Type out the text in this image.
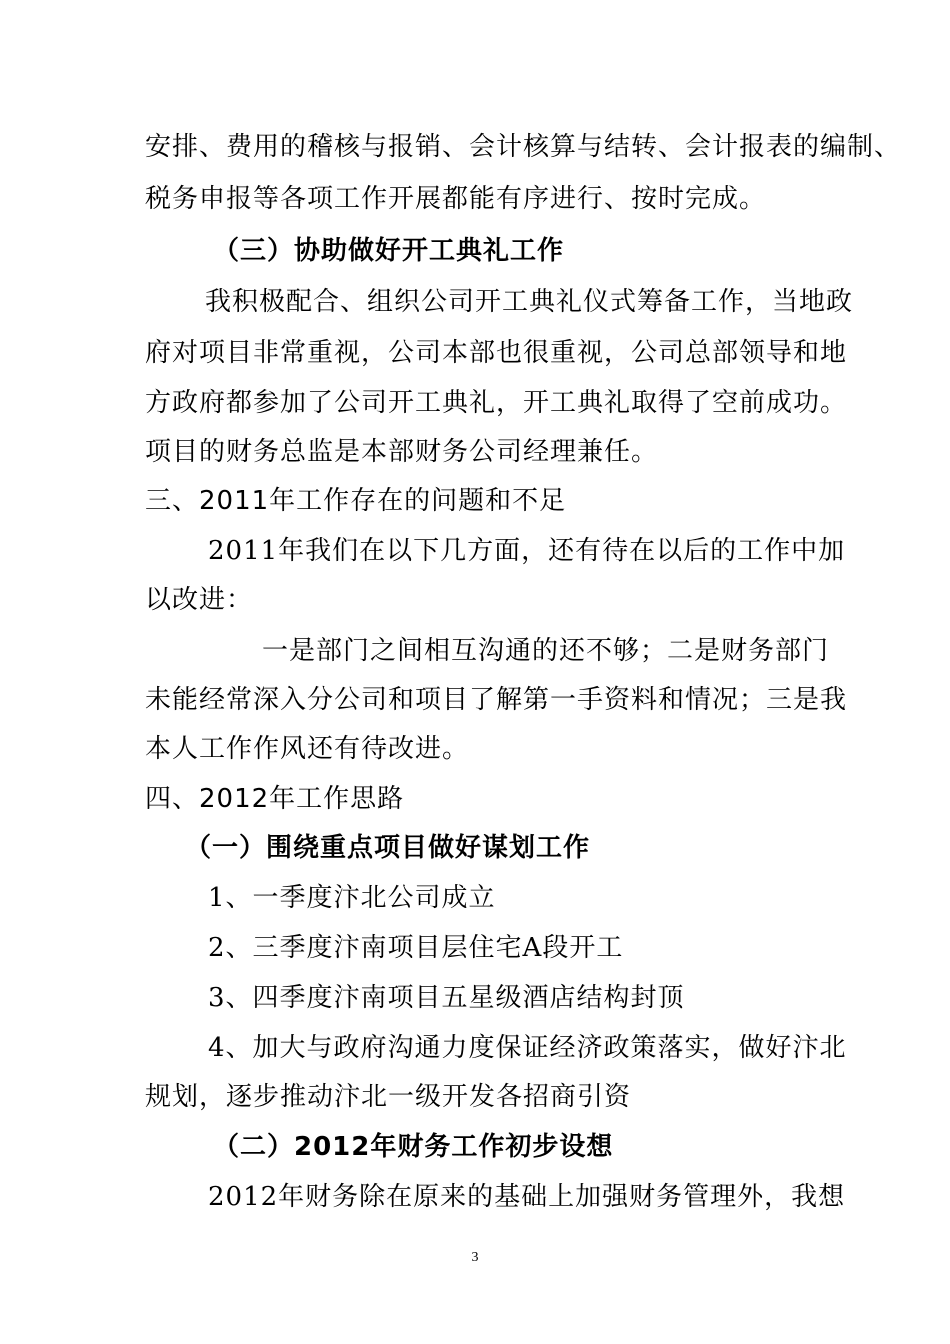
安排、费用的稽核与报销、会计核算与结转、会计报表的编制、
税务申报等各项工作开展都能有序进行、按时完成。
（三）协助做好开工典礼工作
我积极配合、组织公司开工典礼仪式筹备工作，当地政
府对项目非常重视，公司本部也很重视，公司总部领导和地
方政府都参加了公司开工典礼，开工典礼取得了空前成功。
项目的财务总监是本部财务公司经理兼任。
三、2011年工作存在的问题和不足
2011年我们在以下几方面，还有待在以后的工作中加
以改进：
一是部门之间相互沟通的还不够；二是财务部门
未能经常深入分公司和项目了解第一手资料和情况；三是我
本人工作作风还有待改进。
四、2012年工作思路
（一）围绕重点项目做好谋划工作
1、一季度汴北公司成立
2、三季度汴南项目层住宅A段开工
3、四季度汴南项目五星级酒店结构封顶
4、加大与政府沟通力度保证经济政策落实，做好汴北
规划，逐步推动汴北一级开发各招商引资
（二）2012年财务工作初步设想
2012年财务除在原来的基础上加强财务管理外，我想
3
